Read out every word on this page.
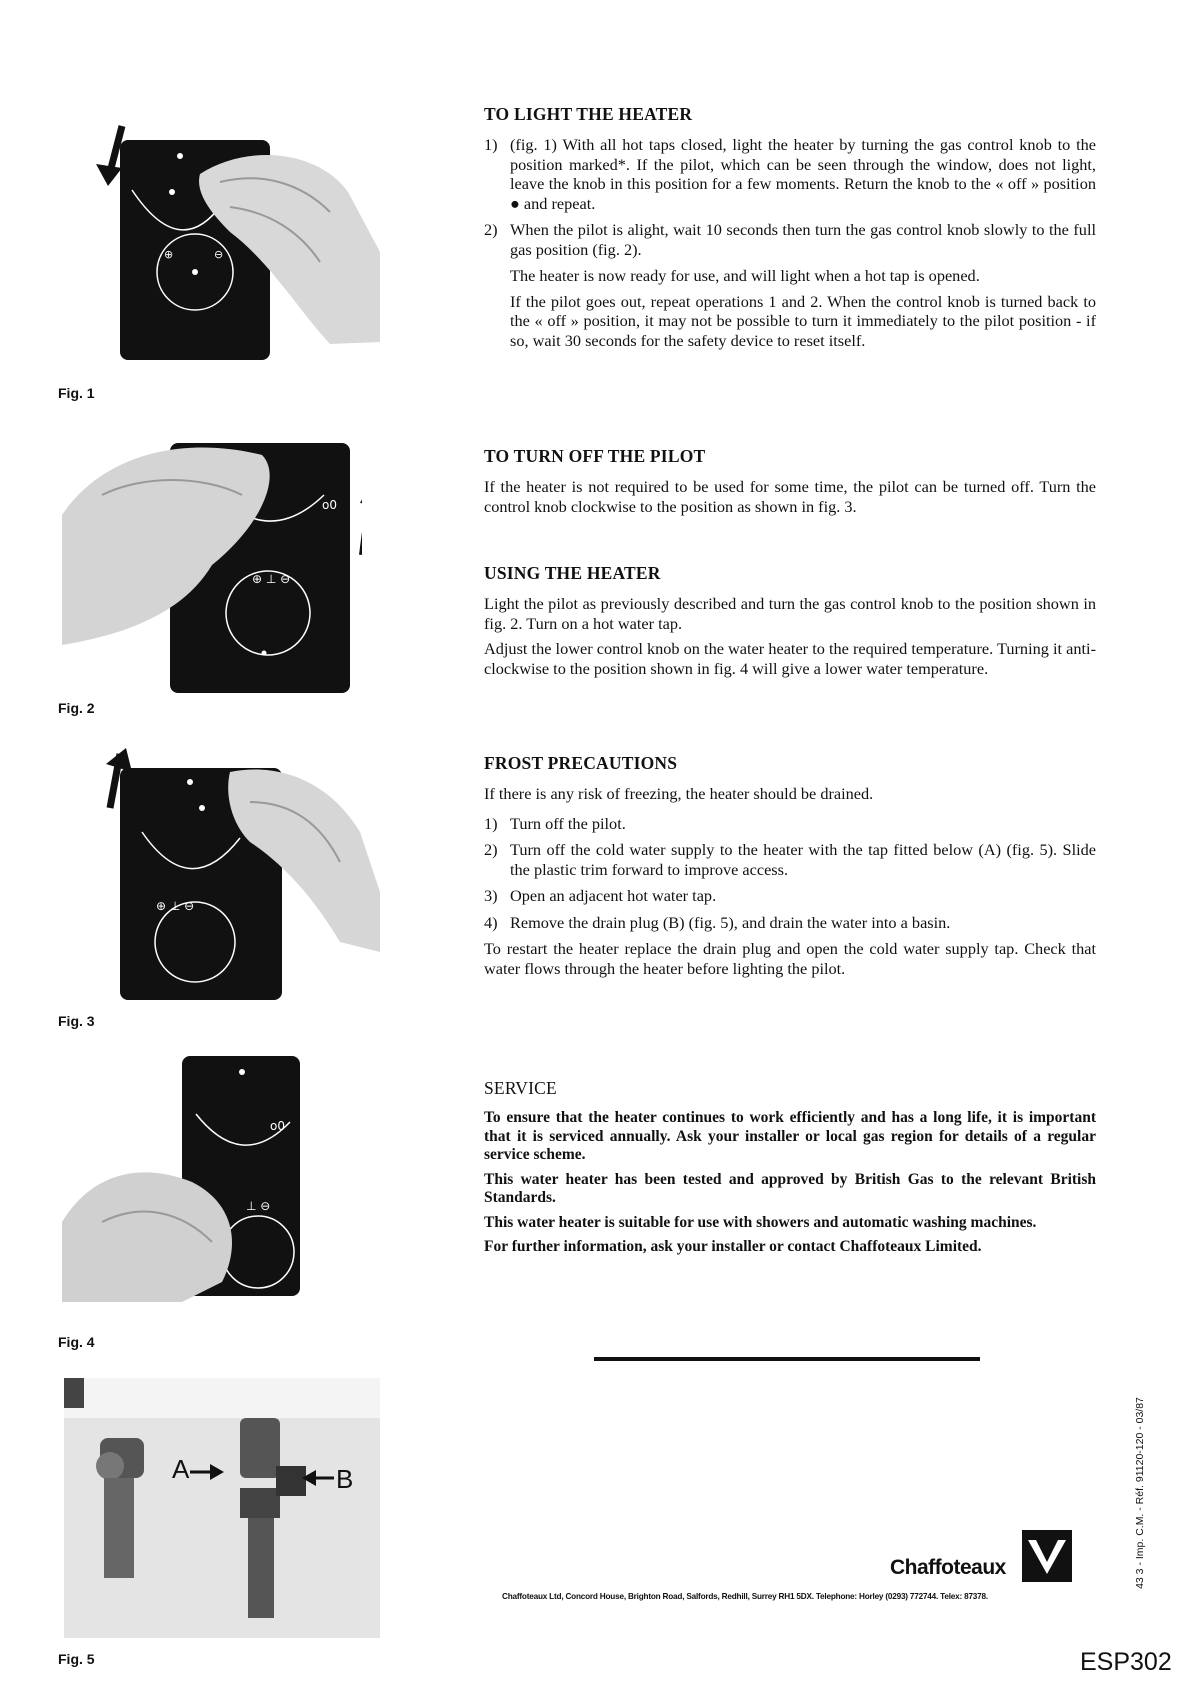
⊕	⊖
Fig. 1
o0
⊕ ⊥ ⊖
Fig. 2
⊕ ⊥ ⊖
Fig. 3
o0
⊥ ⊖
Fig. 4
A	B
Fig. 5
TO LIGHT THE HEATER
1) (fig. 1) With all hot taps closed, light the heater by turning the gas control knob to the position marked*. If the pilot, which can be seen through the window, does not light, leave the knob in this position for a few moments. Return the knob to the « off » position ● and repeat.
2) When the pilot is alight, wait 10 seconds then turn the gas control knob slowly to the full gas position (fig. 2).

The heater is now ready for use, and will light when a hot tap is opened.

If the pilot goes out, repeat operations 1 and 2. When the control knob is turned back to the « off » position, it may not be possible to turn it immediately to the pilot position - if so, wait 30 seconds for the safety device to reset itself.

TO TURN OFF THE PILOT

If the heater is not required to be used for some time, the pilot can be turned off. Turn the control knob clockwise to the position as shown in fig. 3.

USING THE HEATER

Light the pilot as previously described and turn the gas control knob to the position shown in fig. 2. Turn on a hot water tap.

Adjust the lower control knob on the water heater to the required temperature. Turning it anti-clockwise to the position shown in fig. 4 will give a lower water temperature.

FROST PRECAUTIONS

If there is any risk of freezing, the heater should be drained.

1) Turn off the pilot.
2) Turn off the cold water supply to the heater with the tap fitted below (A) (fig. 5). Slide the plastic trim forward to improve access.
3) Open an adjacent hot water tap.
4) Remove the drain plug (B) (fig. 5), and drain the water into a basin.

To restart the heater replace the drain plug and open the cold water supply tap. Check that water flows through the heater before lighting the pilot.

SERVICE

To ensure that the heater continues to work efficiently and has a long life, it is important that it is serviced annually. Ask your installer or local gas region for details of a regular service scheme.

This water heater has been tested and approved by British Gas to the relevant British Standards.

This water heater is suitable for use with showers and automatic washing machines.

For further information, ask your installer or contact Chaffoteaux Limited.

Chaffoteaux
Chaffoteaux Ltd, Concord House, Brighton Road, Salfords, Redhill, Surrey RH1 5DX. Telephone: Horley (0293) 772744. Telex: 87378.
43 3 - Imp. C.M. - Réf. 91120-120 - 03/87
ESP302
